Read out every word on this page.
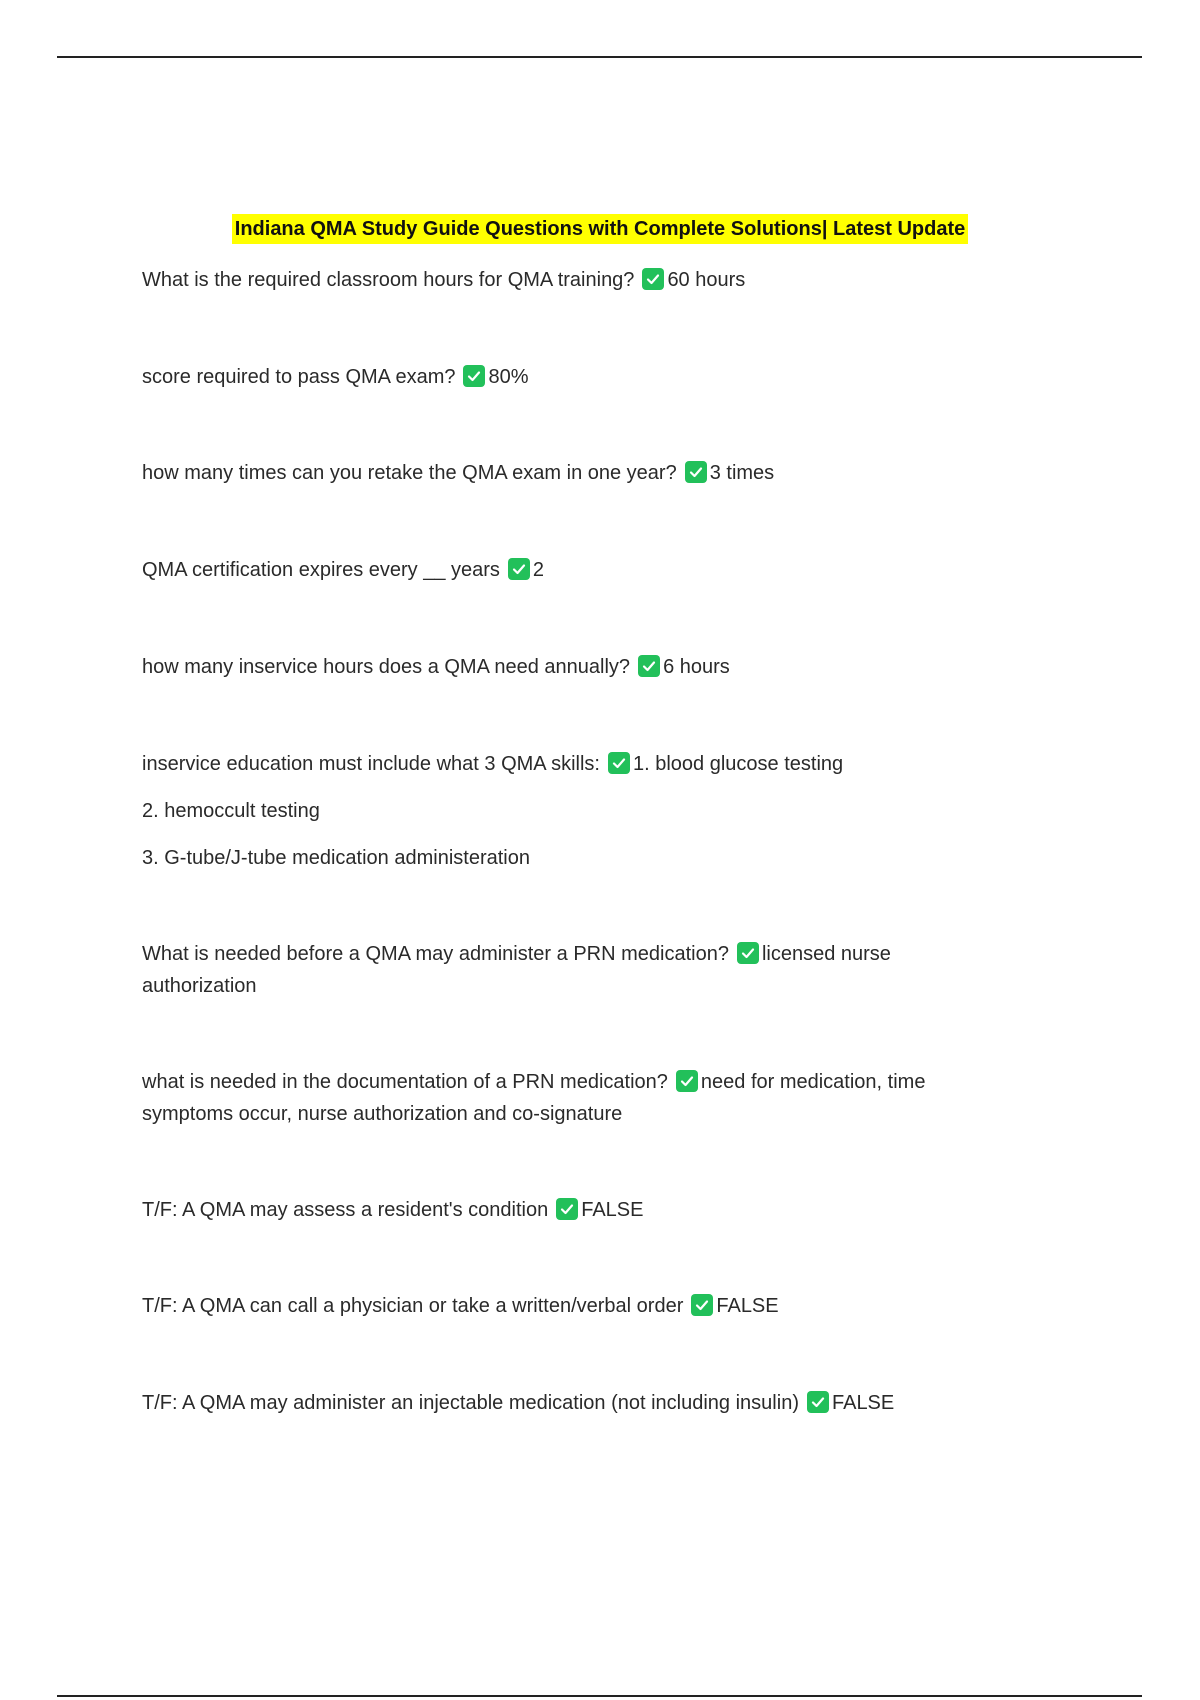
Indiana QMA Study Guide Questions with Complete Solutions| Latest Update
What is the required classroom hours for QMA training? 60 hours
score required to pass QMA exam? 80%
how many times can you retake the QMA exam in one year? 3 times
QMA certification expires every __ years 2
how many inservice hours does a QMA need annually? 6 hours
inservice education must include what 3 QMA skills: 1. blood glucose testing
2. hemoccult testing
3. G-tube/J-tube medication administeration
What is needed before a QMA may administer a PRN medication? licensed nurse authorization
what is needed in the documentation of a PRN medication? need for medication, time symptoms occur, nurse authorization and co-signature
T/F: A QMA may assess a resident's condition FALSE
T/F: A QMA can call a physician or take a written/verbal order FALSE
T/F: A QMA may administer an injectable medication (not including insulin) FALSE
